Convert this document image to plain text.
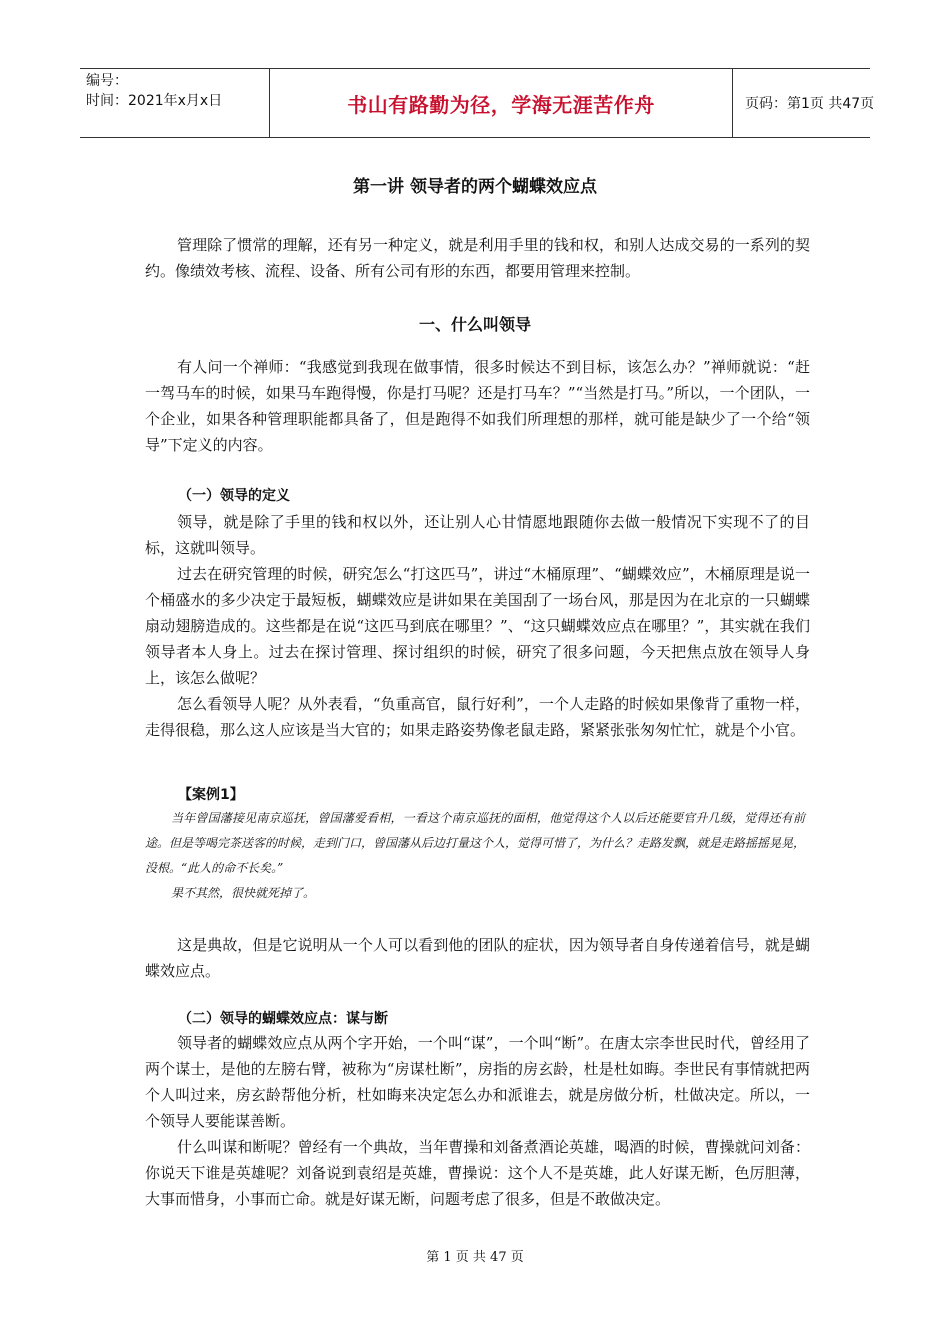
编号：
时间：2021年x月x日	书山有路勤为径，学海无涯苦作舟	页码：第1页 共47页
第一讲 领导者的两个蝴蝶效应点

管理除了惯常的理解，还有另一种定义，就是利用手里的钱和权，和别人达成交易的一系列的契约。像绩效考核、流程、设备、所有公司有形的东西，都要用管理来控制。

一、什么叫领导

有人问一个禅师：“我感觉到我现在做事情，很多时候达不到目标，该怎么办？”禅师就说：“赶一驾马车的时候，如果马车跑得慢，你是打马呢？还是打马车？”“当然是打马。”所以，一个团队，一个企业，如果各种管理职能都具备了，但是跑得不如我们所理想的那样，就可能是缺少了一个给“领导”下定义的内容。

（一）领导的定义

领导，就是除了手里的钱和权以外，还让别人心甘情愿地跟随你去做一般情况下实现不了的目标，这就叫领导。

过去在研究管理的时候，研究怎么“打这匹马”，讲过“木桶原理”、“蝴蝶效应”，木桶原理是说一个桶盛水的多少决定于最短板，蝴蝶效应是讲如果在美国刮了一场台风，那是因为在北京的一只蝴蝶扇动翅膀造成的。这些都是在说“这匹马到底在哪里？”、“这只蝴蝶效应点在哪里？”，其实就在我们领导者本人身上。过去在探讨管理、探讨组织的时候，研究了很多问题，今天把焦点放在领导人身上，该怎么做呢？

怎么看领导人呢？从外表看，“负重高官，鼠行好利”，一个人走路的时候如果像背了重物一样，走得很稳，那么这人应该是当大官的；如果走路姿势像老鼠走路，紧紧张张匆匆忙忙，就是个小官。

【案例1】

当年曾国藩接见南京巡抚，曾国藩爱看相，一看这个南京巡抚的面相，他觉得这个人以后还能要官升几级，觉得还有前途。但是等喝完茶送客的时候，走到门口，曾国藩从后边打量这个人，觉得可惜了，为什么？走路发飘，就是走路摇摇晃晃，没根。“此人的命不长矣。”

果不其然，很快就死掉了。

这是典故，但是它说明从一个人可以看到他的团队的症状，因为领导者自身传递着信号，就是蝴蝶效应点。

（二）领导的蝴蝶效应点：谋与断

领导者的蝴蝶效应点从两个字开始，一个叫“谋”，一个叫“断”。在唐太宗李世民时代，曾经用了两个谋士，是他的左膀右臂，被称为“房谋杜断”，房指的房玄龄，杜是杜如晦。李世民有事情就把两个人叫过来，房玄龄帮他分析，杜如晦来决定怎么办和派谁去，就是房做分析，杜做决定。所以，一个领导人要能谋善断。

什么叫谋和断呢？曾经有一个典故，当年曹操和刘备煮酒论英雄，喝酒的时候，曹操就问刘备：你说天下谁是英雄呢？刘备说到袁绍是英雄，曹操说：这个人不是英雄，此人好谋无断，色厉胆薄，大事而惜身，小事而亡命。就是好谋无断，问题考虑了很多，但是不敢做决定。

第 1 页 共 47 页
